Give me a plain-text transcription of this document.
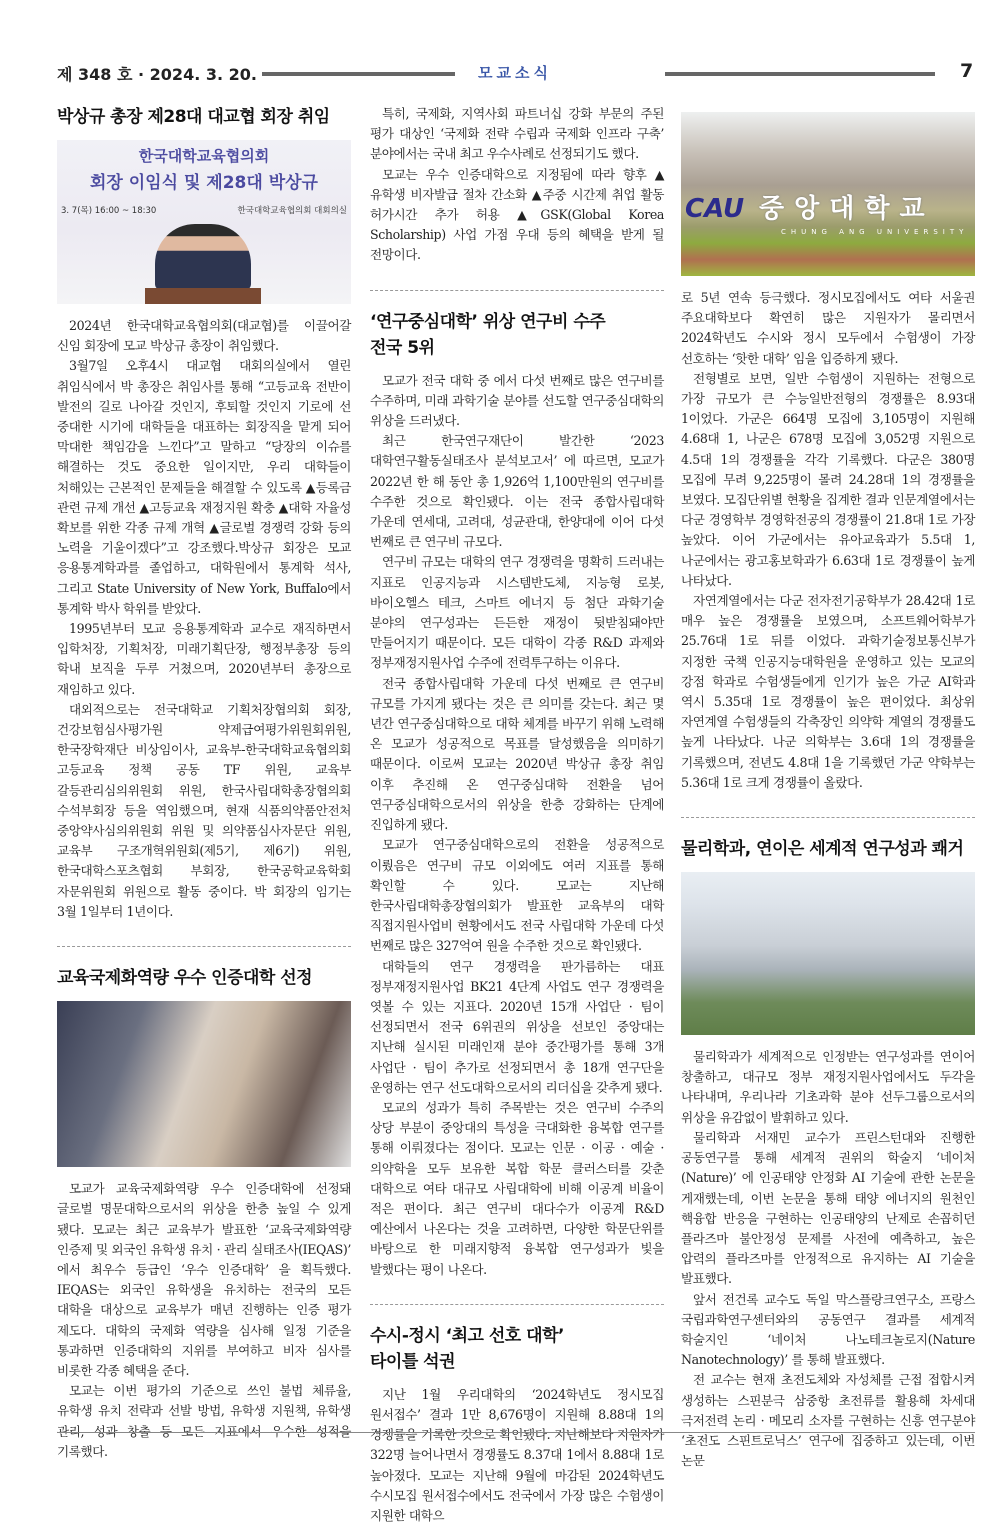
제 348 호 · 2024. 3. 20.	모교소식	7
박상규 총장 제28대 대교협 회장 취임
한국대학교육협의회
회장 이임식 및 제28대 박상규
3. 7(목) 16:00 ~ 18:30	한국대학교육협의회 대회의실

2024년 한국대학교육협의회(대교협)를 이끌어갈 신임 회장에 모교 박상규 총장이 취임했다.

3월7일 오후4시 대교협 대회의실에서 열린 취임식에서 박 총장은 취임사를 통해 “고등교육 전반이 발전의 길로 나아갈 것인지, 후퇴할 것인지 기로에 선 중대한 시기에 대학들을 대표하는 회장직을 맡게 되어 막대한 책임감을 느낀다”고 말하고 “당장의 이슈를 해결하는 것도 중요한 일이지만, 우리 대학들이 처해있는 근본적인 문제들을 해결할 수 있도록 ▲등록금 관련 규제 개선 ▲고등교육 재정지원 확충 ▲대학 자율성 확보를 위한 각종 규제 개혁 ▲글로벌 경쟁력 강화 등의 노력을 기울이겠다”고 강조했다.박상규 회장은 모교 응용통계학과를 졸업하고, 대학원에서 통계학 석사, 그리고 State University of New York, Buffalo에서 통계학 박사 학위를 받았다.

1995년부터 모교 응용통계학과 교수로 재직하면서 입학처장, 기획처장, 미래기획단장, 행정부총장 등의 학내 보직을 두루 거쳤으며, 2020년부터 총장으로 재임하고 있다.

대외적으로는 전국대학교 기획처장협의회 회장, 건강보험심사평가원 약제급여평가위원회위원, 한국장학재단 비상임이사, 교육부-한국대학교육협의회 고등교육 정책 공동 TF 위원, 교육부 갈등관리심의위원회 위원, 한국사립대학총장협의회 수석부회장 등을 역임했으며, 현재 식품의약품안전처 중앙약사심의위원회 위원 및 의약품심사자문단 위원, 교육부 구조개혁위원회(제5기, 제6기) 위원, 한국대학스포츠협회 부회장, 한국공학교육학회 자문위원회 위원으로 활동 중이다. 박 회장의 임기는 3월 1일부터 1년이다.

교육국제화역량 우수 인증대학 선정

모교가 교육국제화역량 우수 인증대학에 선정돼 글로벌 명문대학으로서의 위상을 한층 높일 수 있게 됐다. 모교는 최근 교육부가 발표한 ‘교육국제화역량 인증제 및 외국인 유학생 유치 · 관리 실태조사(IEQAS)’ 에서 최우수 등급인 ‘우수 인증대학’ 을 획득했다. IEQAS는 외국인 유학생을 유치하는 전국의 모든 대학을 대상으로 교육부가 매년 진행하는 인증 평가 제도다. 대학의 국제화 역량을 심사해 일정 기준을 통과하면 인증대학의 지위를 부여하고 비자 심사를 비롯한 각종 혜택을 준다.

모교는 이번 평가의 기준으로 쓰인 불법 체류율, 유학생 유치 전략과 선발 방법, 유학생 지원책, 유학생 관리, 성과 창출 등 모든 지표에서 우수한 성적을 기록했다.

특히, 국제화, 지역사회 파트너십 강화 부문의 주된 평가 대상인 ‘국제화 전략 수립과 국제화 인프라 구축’ 분야에서는 국내 최고 우수사례로 선정되기도 했다.

모교는 우수 인증대학으로 지정됨에 따라 향후 ▲유학생 비자발급 절차 간소화 ▲주중 시간제 취업 활동 허가시간 추가 허용 ▲GSK(Global Korea Scholarship) 사업 가점 우대 등의 혜택을 받게 될 전망이다.

‘연구중심대학’ 위상 연구비 수주
전국 5위

모교가 전국 대학 중 에서 다섯 번째로 많은 연구비를 수주하며, 미래 과학기술 분야를 선도할 연구중심대학의 위상을 드러냈다.

최근 한국연구재단이 발간한 ‘2023 대학연구활동실태조사 분석보고서’ 에 따르면, 모교가 2022년 한 해 동안 총 1,926억 1,100만원의 연구비를 수주한 것으로 확인됐다. 이는 전국 종합사립대학 가운데 연세대, 고려대, 성균관대, 한양대에 이어 다섯 번째로 큰 연구비 규모다.

연구비 규모는 대학의 연구 경쟁력을 명확히 드러내는 지표로 인공지능과 시스템반도체, 지능형 로봇, 바이오헬스 테크, 스마트 에너지 등 첨단 과학기술 분야의 연구성과는 든든한 재정이 뒷받침돼야만 만들어지기 때문이다. 모든 대학이 각종 R&D 과제와 정부재정지원사업 수주에 전력투구하는 이유다.

전국 종합사립대학 가운데 다섯 번째로 큰 연구비 규모를 가지게 됐다는 것은 큰 의미를 갖는다. 최근 몇 년간 연구중심대학으로 대학 체계를 바꾸기 위해 노력해 온 모교가 성공적으로 목표를 달성했음을 의미하기 때문이다. 이로써 모교는 2020년 박상규 총장 취임 이후 추진해 온 연구중심대학 전환을 넘어 연구중심대학으로서의 위상을 한층 강화하는 단계에 진입하게 됐다.

모교가 연구중심대학으로의 전환을 성공적으로 이뤘음은 연구비 규모 이외에도 여러 지표를 통해 확인할 수 있다. 모교는 지난해 한국사립대학총장협의회가 발표한 교육부의 대학 직접지원사업비 현황에서도 전국 사립대학 가운데 다섯 번째로 많은 327억여 원을 수주한 것으로 확인됐다.

대학들의 연구 경쟁력을 판가름하는 대표 정부재정지원사업 BK21 4단계 사업도 연구 경쟁력을 엿볼 수 있는 지표다. 2020년 15개 사업단 · 팀이 선정되면서 전국 6위권의 위상을 선보인 중앙대는 지난해 실시된 미래인재 분야 중간평가를 통해 3개 사업단 · 팀이 추가로 선정되면서 총 18개 연구단을 운영하는 연구 선도대학으로서의 리더십을 갖추게 됐다.

모교의 성과가 특히 주목받는 것은 연구비 수주의 상당 부분이 중앙대의 특성을 극대화한 융복합 연구를 통해 이뤄졌다는 점이다. 모교는 인문 · 이공 · 예술 · 의약학을 모두 보유한 복합 학문 클러스터를 갖춘 대학으로 여타 대규모 사립대학에 비해 이공계 비율이 적은 편이다. 최근 연구비 대다수가 이공계 R&D 예산에서 나온다는 것을 고려하면, 다양한 학문단위를 바탕으로 한 미래지향적 융복합 연구성과가 빛을 발했다는 평이 나온다.

수시-정시 ‘최고 선호 대학’
타이틀 석권

지난 1월 우리대학의 ‘2024학년도 정시모집 원서접수’ 결과 1만 8,676명이 지원해 8.88대 1의 경쟁률을 기록한 것으로 확인됐다. 지난해보다 지원자가 322명 늘어나면서 경쟁률도 8.37대 1에서 8.88대 1로 높아졌다. 모교는 지난해 9월에 마감된 2024학년도 수시모집 원서접수에서도 전국에서 가장 많은 수험생이 지원한 대학으

CAU 중앙대학교
CHUNG ANG UNIVERSITY

로 5년 연속 등극했다. 정시모집에서도 여타 서울권 주요대학보다 확연히 많은 지원자가 몰리면서 2024학년도 수시와 정시 모두에서 수험생이 가장 선호하는 ‘핫한 대학’ 임을 입증하게 됐다.

전형별로 보면, 일반 수험생이 지원하는 전형으로 가장 규모가 큰 수능일반전형의 경쟁률은 8.93대 1이었다. 가군은 664명 모집에 3,105명이 지원해 4.68대 1, 나군은 678명 모집에 3,052명 지원으로 4.5대 1의 경쟁률을 각각 기록했다. 다군은 380명 모집에 무려 9,225명이 몰려 24.28대 1의 경쟁률을 보였다. 모집단위별 현황을 집계한 결과 인문계열에서는 다군 경영학부 경영학전공의 경쟁률이 21.8대 1로 가장 높았다. 이어 가군에서는 유아교육과가 5.5대 1, 나군에서는 광고홍보학과가 6.63대 1로 경쟁률이 높게 나타났다.

자연계열에서는 다군 전자전기공학부가 28.42대 1로 매우 높은 경쟁률을 보였으며, 소프트웨어학부가 25.76대 1로 뒤를 이었다. 과학기술정보통신부가 지정한 국책 인공지능대학원을 운영하고 있는 모교의 강점 학과로 수험생들에게 인기가 높은 가군 AI학과 역시 5.35대 1로 경쟁률이 높은 편이었다. 최상위 자연계열 수험생들의 각축장인 의약학 계열의 경쟁률도 높게 나타났다. 나군 의학부는 3.6대 1의 경쟁률을 기록했으며, 전년도 4.8대 1을 기록했던 가군 약학부는 5.36대 1로 크게 경쟁률이 올랐다.

물리학과, 연이은 세계적 연구성과 쾌거

물리학과가 세계적으로 인정받는 연구성과를 연이어 창출하고, 대규모 정부 재정지원사업에서도 두각을 나타내며, 우리나라 기초과학 분야 선두그룹으로서의 위상을 유감없이 발휘하고 있다.

물리학과 서재민 교수가 프린스턴대와 진행한 공동연구를 통해 세계적 권위의 학술지 ‘네이처(Nature)’ 에 인공태양 안정화 AI 기술에 관한 논문을 게재했는데, 이번 논문을 통해 태양 에너지의 원천인 핵융합 반응을 구현하는 인공태양의 난제로 손꼽히던 플라즈마 불안정성 문제를 사전에 예측하고, 높은 압력의 플라즈마를 안정적으로 유지하는 AI 기술을 발표했다.

앞서 전건록 교수도 독일 막스플랑크연구소, 프랑스 국립과학연구센터와의 공동연구 결과를 세계적 학술지인 ‘네이처 나노테크놀로지(Nature Nanotechnology)’ 를 통해 발표했다.

전 교수는 현재 초전도체와 자성체를 근접 접합시켜 생성하는 스핀분극 삼중항 초전류를 활용해 차세대 극저전력 논리 · 메모리 소자를 구현하는 신흥 연구분야 ‘초전도 스핀트로닉스’ 연구에 집중하고 있는데, 이번 논문
